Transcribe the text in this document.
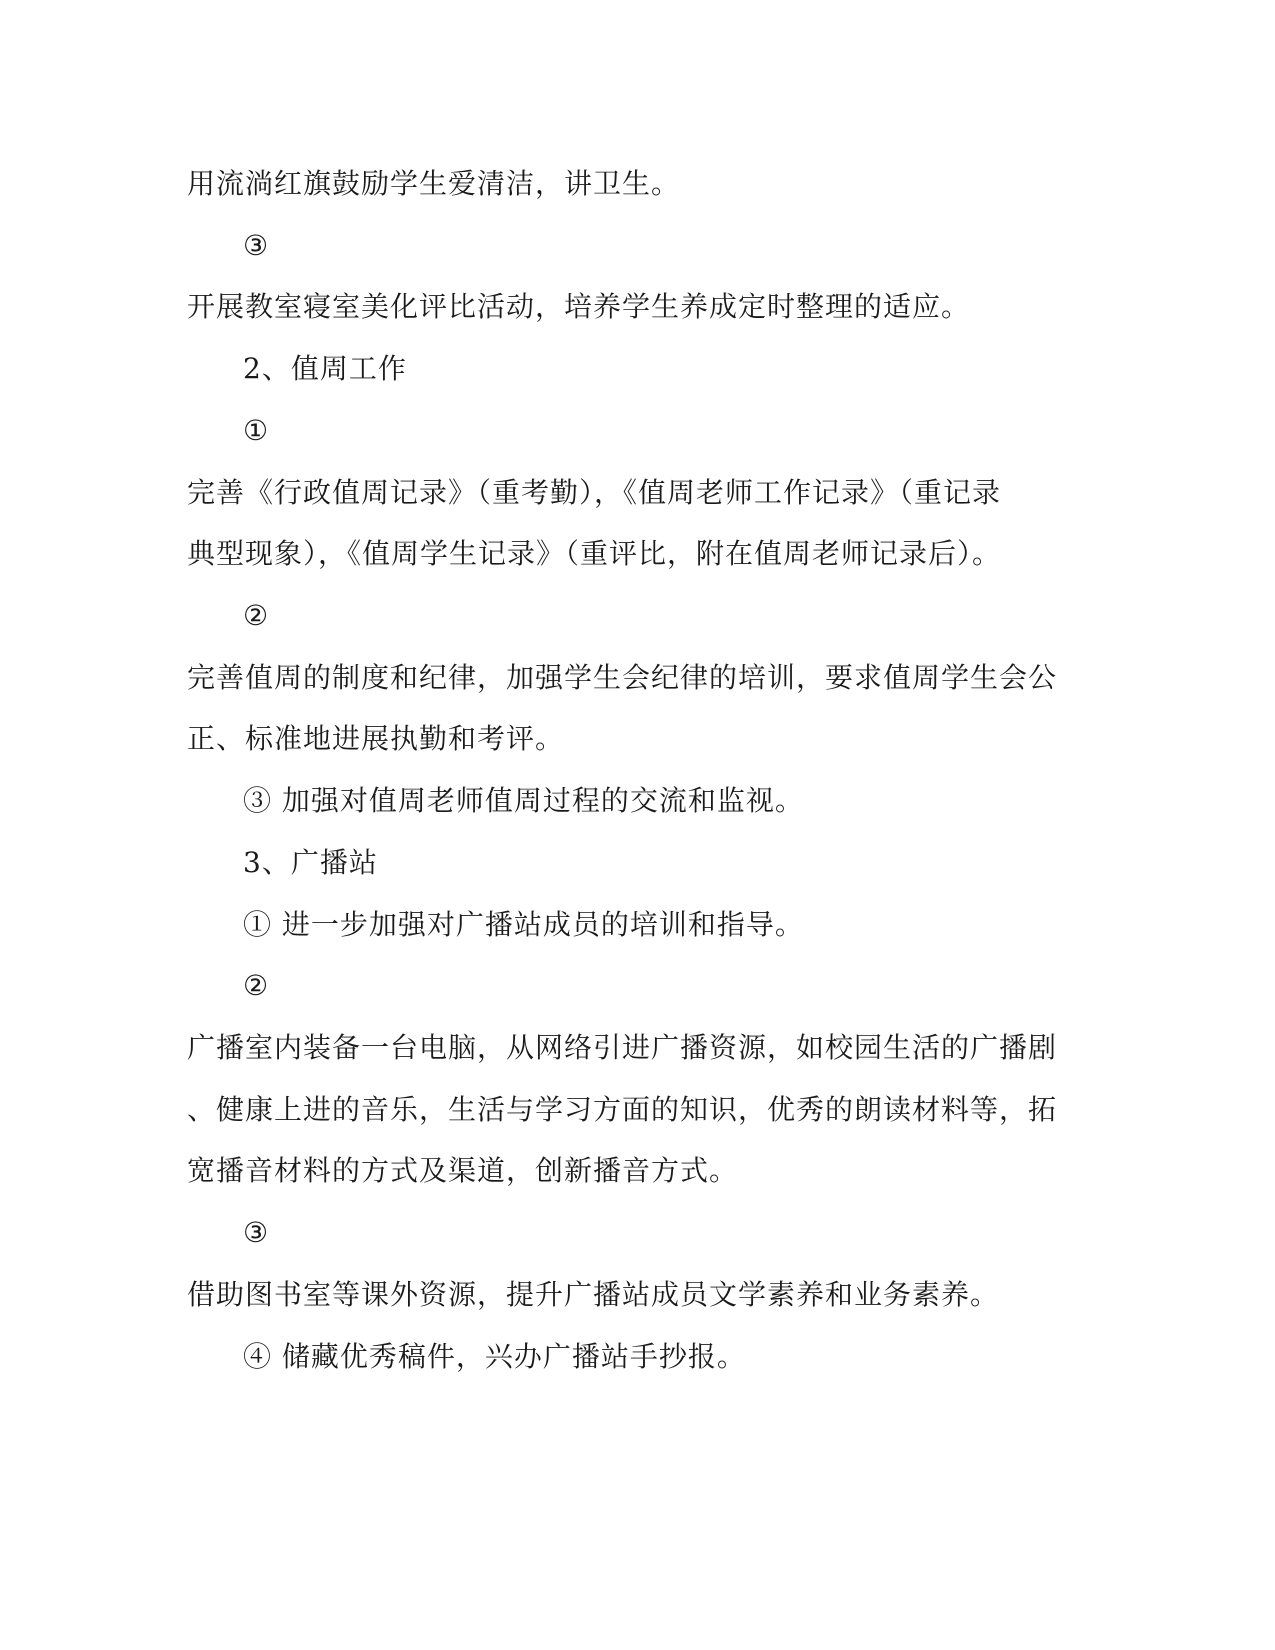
用流淌红旗鼓励学生爱清洁，讲卫生。
③
开展教室寝室美化评比活动，培养学生养成定时整理的适应。
2、值周工作
①
完善《行政值周记录》（重考勤），《值周老师工作记录》（重记录
典型现象），《值周学生记录》（重评比，附在值周老师记录后）。
②
完善值周的制度和纪律，加强学生会纪律的培训，要求值周学生会公
正、标准地进展执勤和考评。
③ 加强对值周老师值周过程的交流和监视。
3、广播站
① 进一步加强对广播站成员的培训和指导。
②
广播室内装备一台电脑，从网络引进广播资源，如校园生活的广播剧
、健康上进的音乐，生活与学习方面的知识，优秀的朗读材料等，拓
宽播音材料的方式及渠道，创新播音方式。
③
借助图书室等课外资源，提升广播站成员文学素养和业务素养。
④ 储藏优秀稿件，兴办广播站手抄报。
